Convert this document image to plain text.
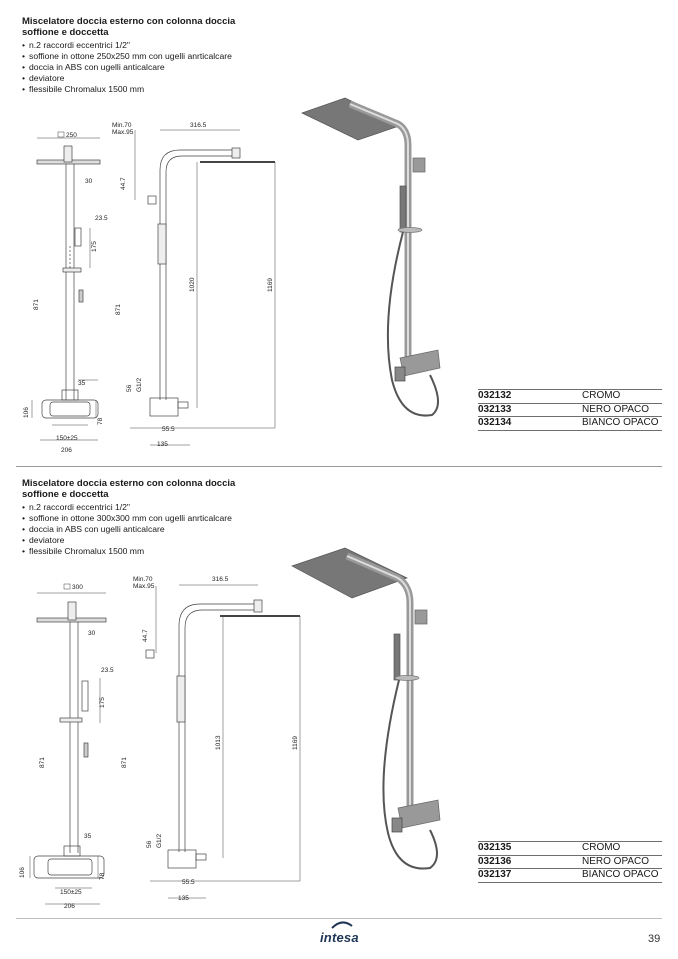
Miscelatore doccia esterno con colonna doccia
soffione e doccetta
• n.2 raccordi eccentrici 1/2"
• soffione in ottone 250x250 mm con ugelli anrticalcare
• doccia in ABS con ugelli anticalcare
• deviatore
• flessibile Chromalux 1500 mm
250
30
23.5
175
871
35
106
78
150±25
206
Min.70
Max.95
316.5
44.7
871
1020	1169
56 G1/2
55.5
135
032132	CROMO
032133	NERO OPACO
032134	BIANCO OPACO
Miscelatore doccia esterno con colonna doccia
soffione e doccetta
• n.2 raccordi eccentrici 1/2"
• soffione in ottone 300x300 mm con ugelli anrticalcare
• doccia in ABS con ugelli anticalcare
• deviatore
• flessibile Chromalux 1500 mm
300
30
23.5
175
871
35
106	78
150±25
206
Min.70
Max.95
316.5
44.7
871
1013	1169
56 G1/2
55.5
135
032135	CROMO
032136	NERO OPACO
032137	BIANCO OPACO
intesa	39
